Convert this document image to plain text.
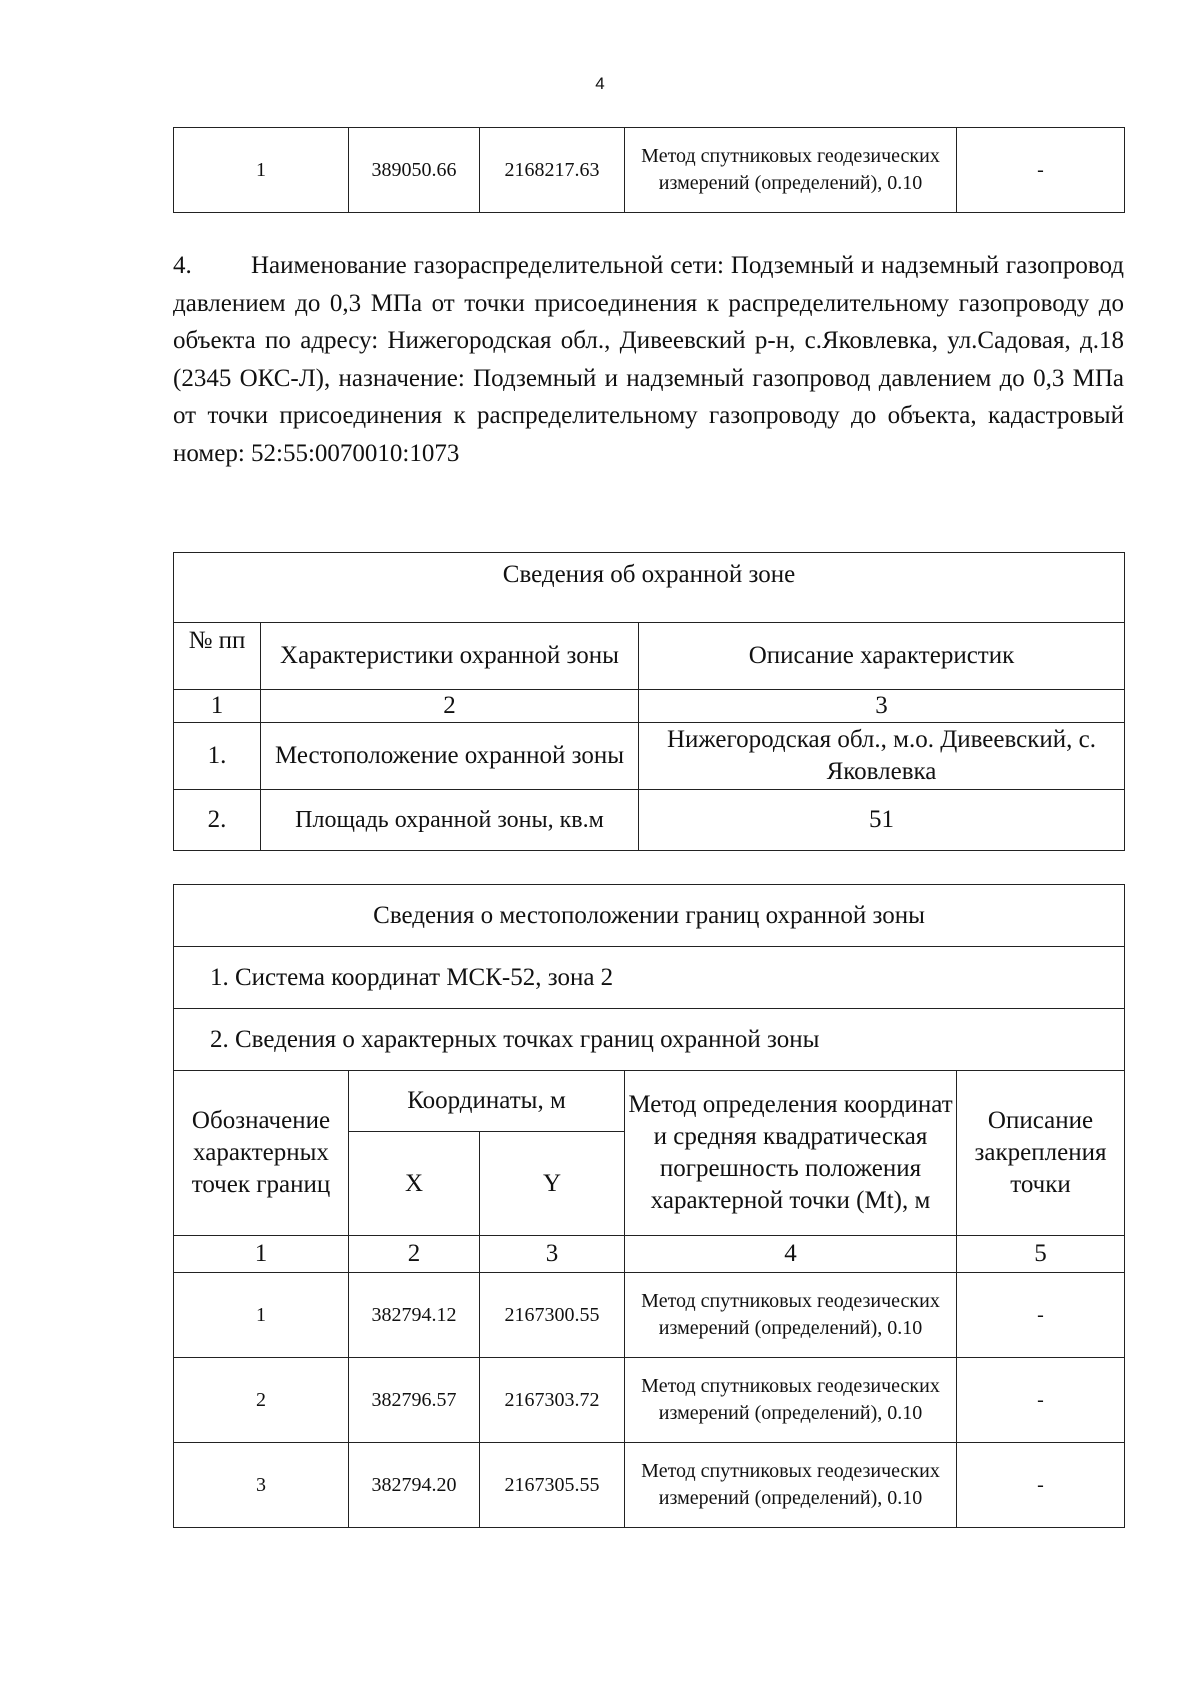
4
1	389050.66	2168217.63	Метод спутниковых геодезических измерений (определений), 0.10	-
4. Наименование газораспределительной сети: Подземный и надземный газопровод давлением до 0,3 МПа от точки присоединения к распределительному газопроводу до объекта по адресу: Нижегородская обл., Дивеевский р-н, с.Яковлевка, ул.Садовая, д.18 (2345 ОКС-Л), назначение: Подземный и надземный газопровод давлением до 0,3 МПа от точки присоединения к распределительному газопроводу до объекта, кадастровый номер: 52:55:0070010:1073
Сведения об охранной зоне		
№ пп	Характеристики охранной зоны	Описание характеристик
1	2	3
1.	Местоположение охранной зоны	Нижегородская обл., м.о. Дивеевский, с. Яковлевка
2.	Площадь охранной зоны, кв.м	51
Сведения о местоположении границ охранной зоны				
1. Система координат МСК-52, зона 2				
2. Сведения о характерных точках границ охранной зоны				
Обозначение характерных точек границ	Координаты, м		Метод определения координат и средняя квадратическая погрешность положения характерной точки (Mt), м	Описание закрепления точки
	X	Y		
1	2	3	4	5
1	382794.12	2167300.55	Метод спутниковых геодезических измерений (определений), 0.10	-
2	382796.57	2167303.72	Метод спутниковых геодезических измерений (определений), 0.10	-
3	382794.20	2167305.55	Метод спутниковых геодезических измерений (определений), 0.10	-
